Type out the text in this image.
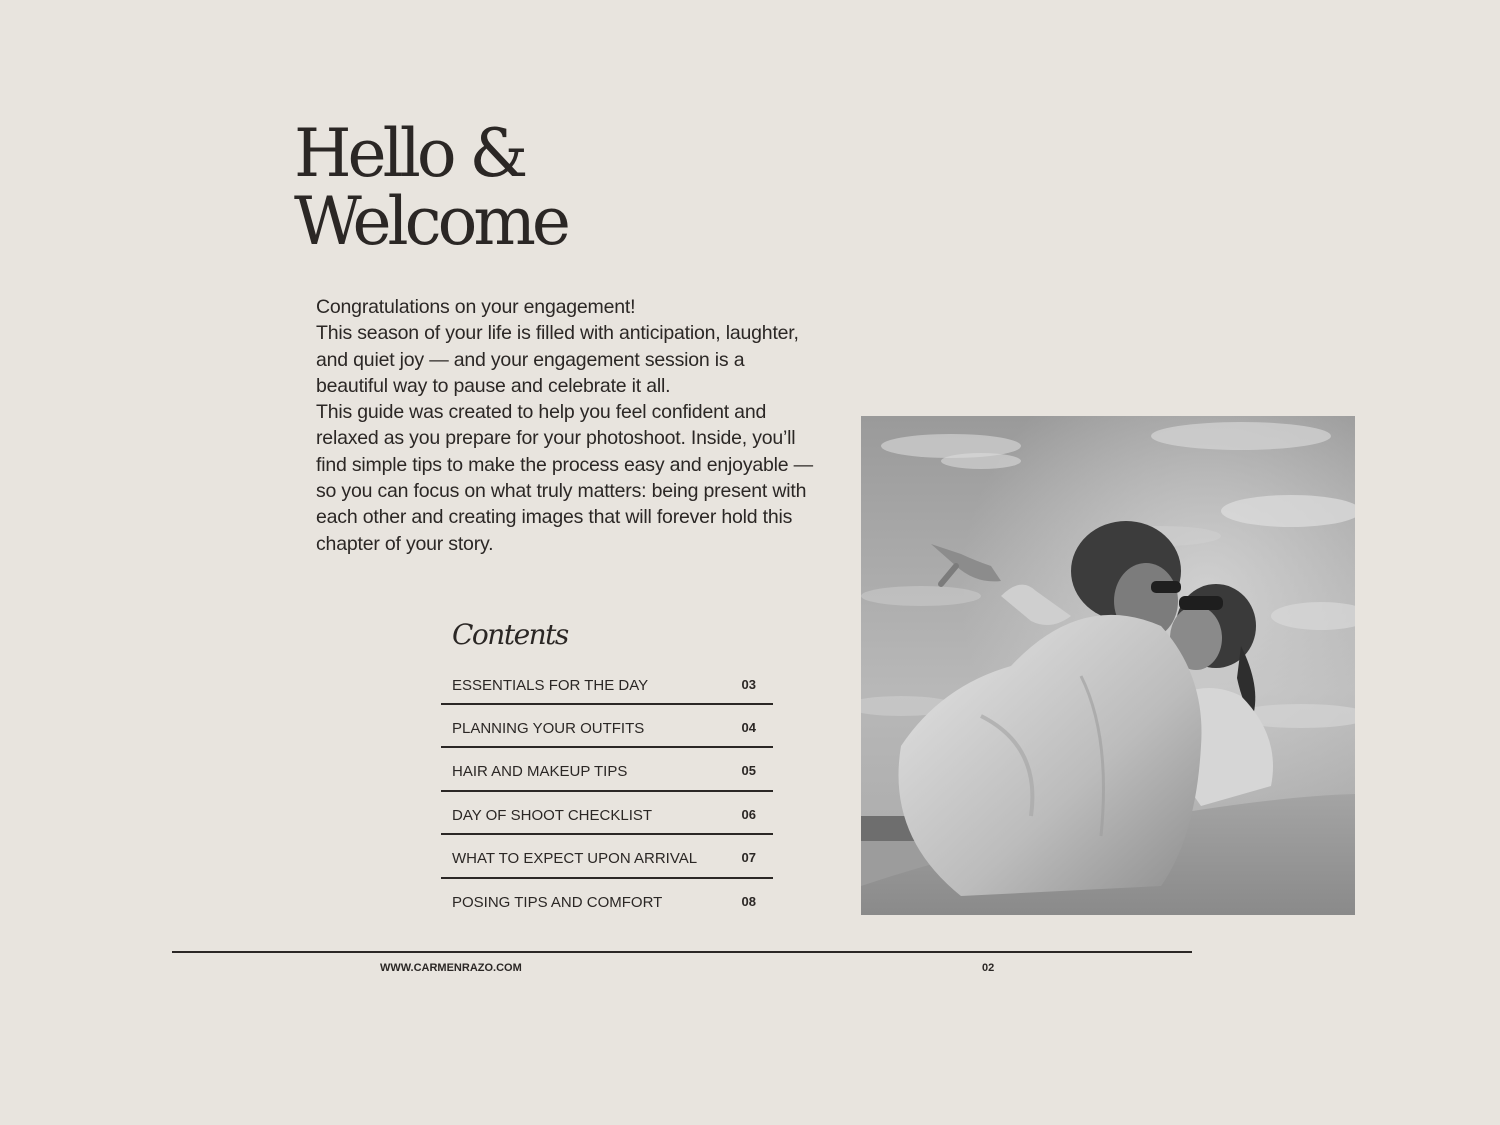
Hello &
Welcome

Congratulations on your engagement!

This season of your life is filled with anticipation, laughter, and quiet joy — and your engagement session is a beautiful way to pause and celebrate it all.

This guide was created to help you feel confident and relaxed as you prepare for your photoshoot. Inside, you’ll find simple tips to make the process easy and enjoyable — so you can focus on what truly matters: being present with each other and creating images that will forever hold this chapter of your story.

Contents
ESSENTIALS FOR THE DAY	03
PLANNING YOUR OUTFITS	04
HAIR AND MAKEUP TIPS	05
DAY OF SHOOT CHECKLIST	06
WHAT TO EXPECT UPON ARRIVAL	07
POSING TIPS AND COMFORT	08
WWW.CARMENRAZO.COM	02
